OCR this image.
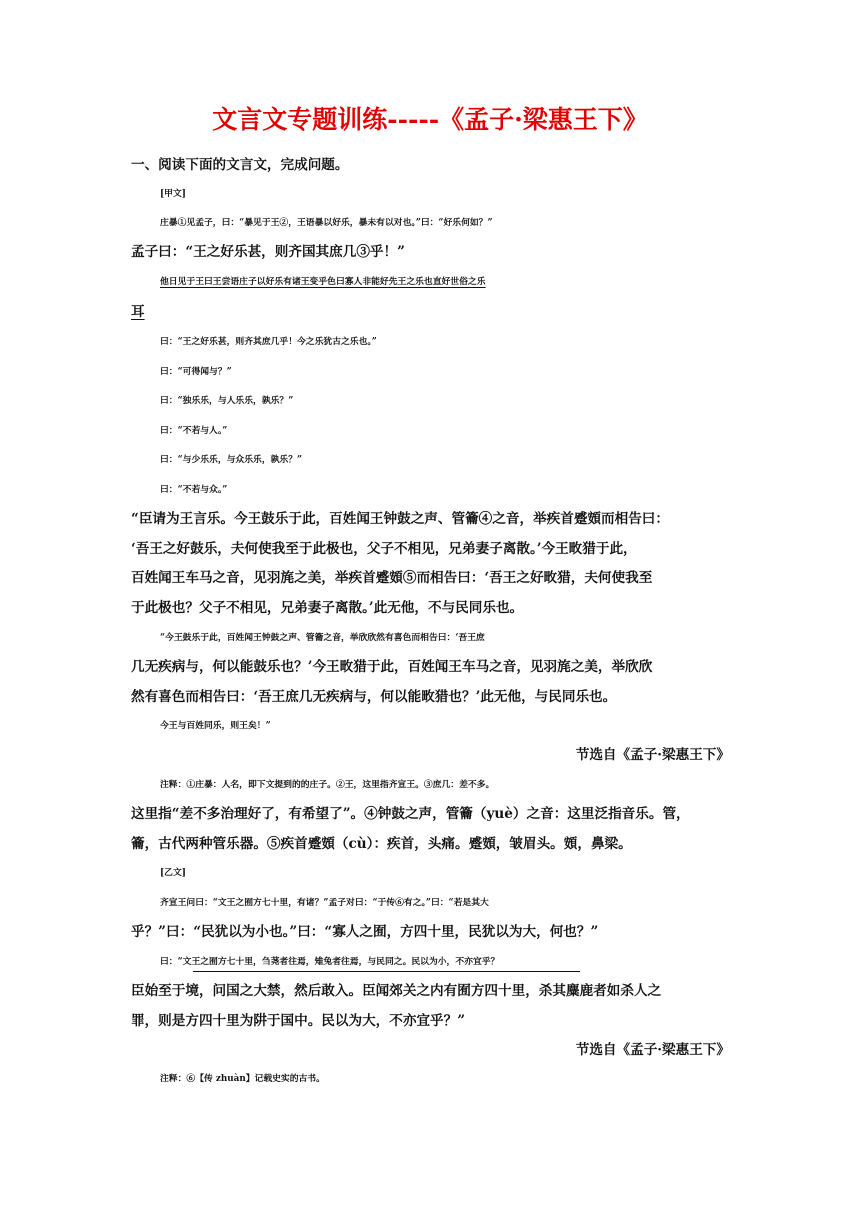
文言文专题训练-----《孟子·梁惠王下》
一、阅读下面的文言文，完成问题。
[甲文]
庄暴①见孟子，曰：“暴见于王②，王语暴以好乐，暴未有以对也。”曰：“好乐何如？”
孟子曰：“王之好乐甚，则齐国其庶几③乎！”
他日见于王曰王尝语庄子以好乐有诸王变乎色曰寡人非能好先王之乐也直好世俗之乐
耳
曰：“王之好乐甚，则齐其庶几乎！今之乐犹古之乐也。”
曰：“可得闻与？”
曰：“独乐乐，与人乐乐，孰乐？”
曰：“不若与人。”
曰：“与少乐乐，与众乐乐，孰乐？”
曰：“不若与众。”
“臣请为王言乐。今王鼓乐于此，百姓闻王钟鼓之声、管籥④之音，举疾首蹙頞而相告曰：
‘吾王之好鼓乐，夫何使我至于此极也，父子不相见，兄弟妻子离散。’今王畋猎于此，
百姓闻王车马之音，见羽旄之美，举疾首蹙頞⑤而相告曰：‘吾王之好畋猎，夫何使我至
于此极也？父子不相见，兄弟妻子离散。’此无他，不与民同乐也。
“今王鼓乐于此，百姓闻王钟鼓之声、管籥之音，举欣欣然有喜色而相告曰：‘吾王庶
几无疾病与，何以能鼓乐也？’今王畋猎于此，百姓闻王车马之音，见羽旄之美，举欣欣
然有喜色而相告曰：‘吾王庶几无疾病与，何以能畋猎也？’此无他，与民同乐也。
今王与百姓同乐，则王矣！”
节选自《孟子·梁惠王下》
注释：①庄暴：人名，即下文提到的的庄子。②王，这里指齐宣王。③庶几：差不多。
这里指“差不多治理好了，有希望了”。④钟鼓之声，管籥（yuè）之音：这里泛指音乐。管，
籥，古代两种管乐器。⑤疾首蹙頞（cù）：疾首，头痛。蹙頞，皱眉头。頞，鼻梁。
[乙文]
齐宣王问曰：“文王之囿方七十里，有诸？”孟子对曰：“于传⑥有之。”曰：“若是其大
乎？”曰：“民犹以为小也。”曰：“寡人之囿，方四十里，民犹以为大，何也？”
曰：“文王之囿方七十里，刍荛者往焉，雉兔者往焉，与民同之。民以为小，不亦宜乎？
臣始至于境，问国之大禁，然后敢入。臣闻郊关之内有囿方四十里，杀其麋鹿者如杀人之
罪，则是方四十里为阱于国中。民以为大，不亦宜乎？”
节选自《孟子·梁惠王下》
注释：⑥【传 zhuàn】记载史实的古书。
